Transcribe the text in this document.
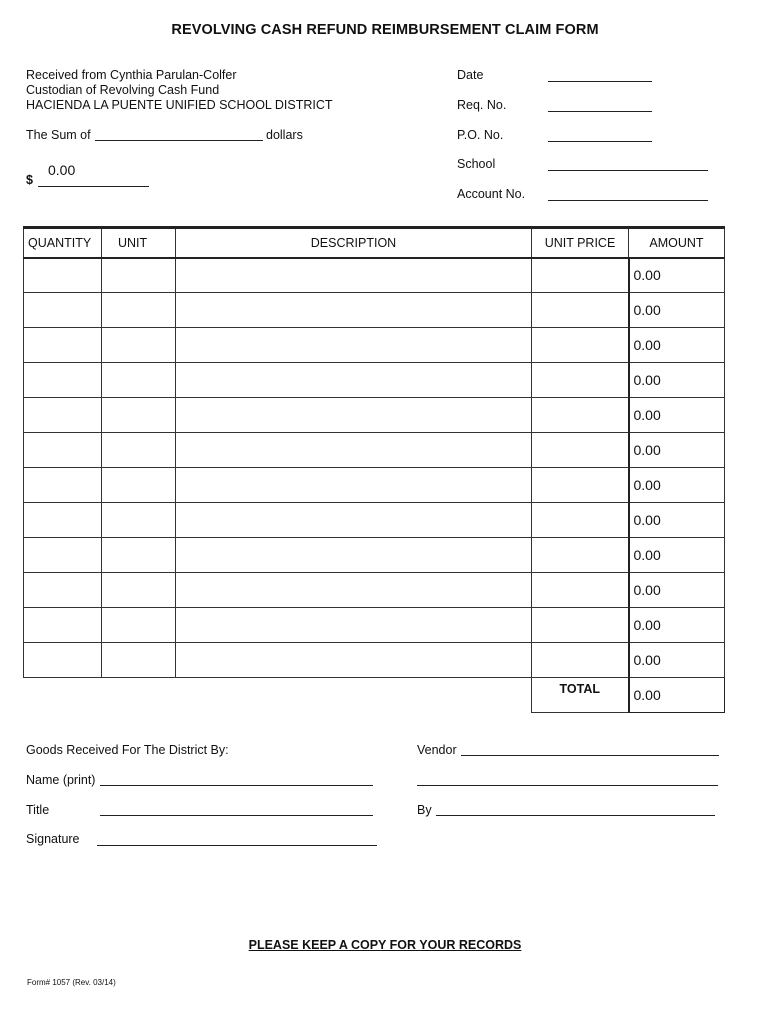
REVOLVING CASH REFUND REIMBURSEMENT CLAIM FORM
Received from Cynthia Parulan-Colfer
Custodian of Revolving Cash Fund
HACIENDA LA PUENTE UNIFIED SCHOOL DISTRICT
The Sum of	dollars
$
0.00
Date
Req. No.
P.O. No.
School
Account No.
QUANTITY	UNIT	DESCRIPTION	UNIT PRICE	AMOUNT
				0.00
				0.00
				0.00
				0.00
				0.00
				0.00
				0.00
				0.00
				0.00
				0.00
				0.00
				0.00
			TOTAL	0.00
Goods Received For The District By:
Name (print)
Title
Signature
Vendor
By
PLEASE KEEP A COPY FOR YOUR RECORDS
Form# 1057 (Rev. 03/14)
